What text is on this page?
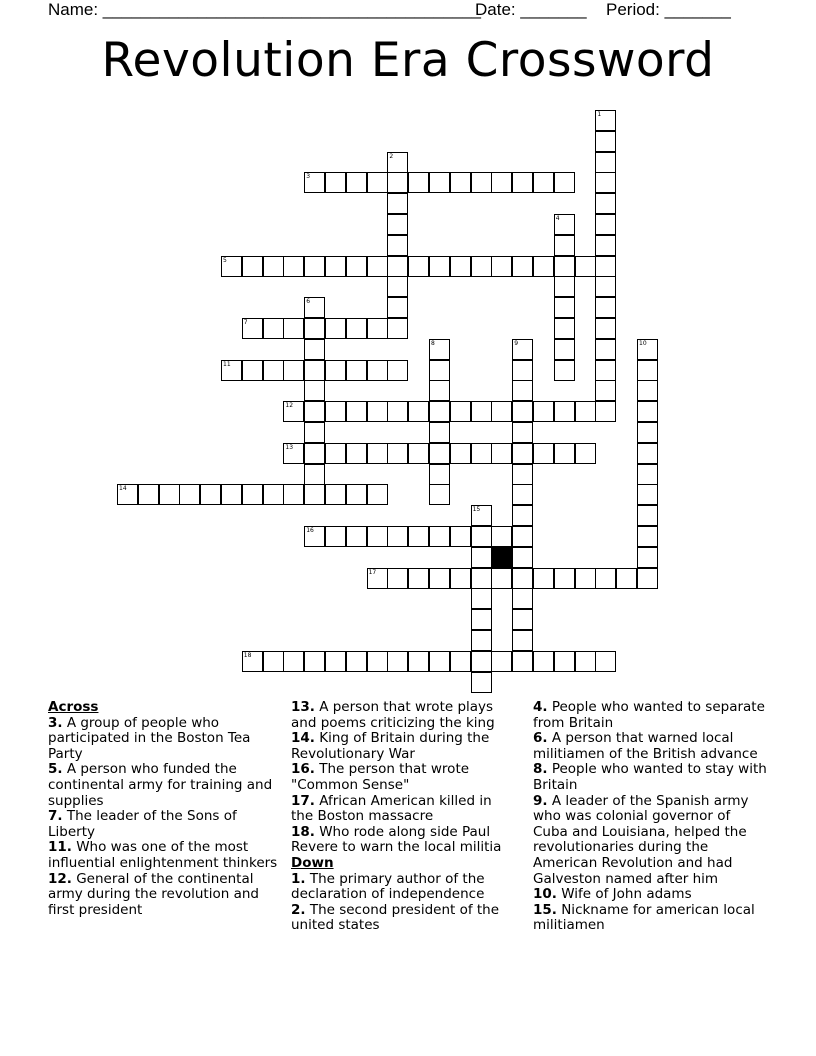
Name: ________________________________________
Date: _______ Period: _______
Revolution Era Crossword
1
2
3
4
5
6
7
8	9	10
11
12
13
14
15
16
17
18
Across
3. A group of people who participated in the Boston Tea Party
5. A person who funded the continental army for training and supplies
7. The leader of the Sons of Liberty
11. Who was one of the most influential enlightenment thinkers
12. General of the continental army during the revolution and first president
13. A person that wrote plays and poems criticizing the king
14. King of Britain during the Revolutionary War
16. The person that wrote "Common Sense"
17. African American killed in the Boston massacre
18. Who rode along side Paul Revere to warn the local militia
Down
1. The primary author of the declaration of independence
2. The second president of the united states
4. People who wanted to separate from Britain
6. A person that warned local militiamen of the British advance
8. People who wanted to stay with Britain
9. A leader of the Spanish army who was colonial governor of Cuba and Louisiana, helped the revolutionaries during the American Revolution and had Galveston named after him
10. Wife of John adams
15. Nickname for american local militiamen
